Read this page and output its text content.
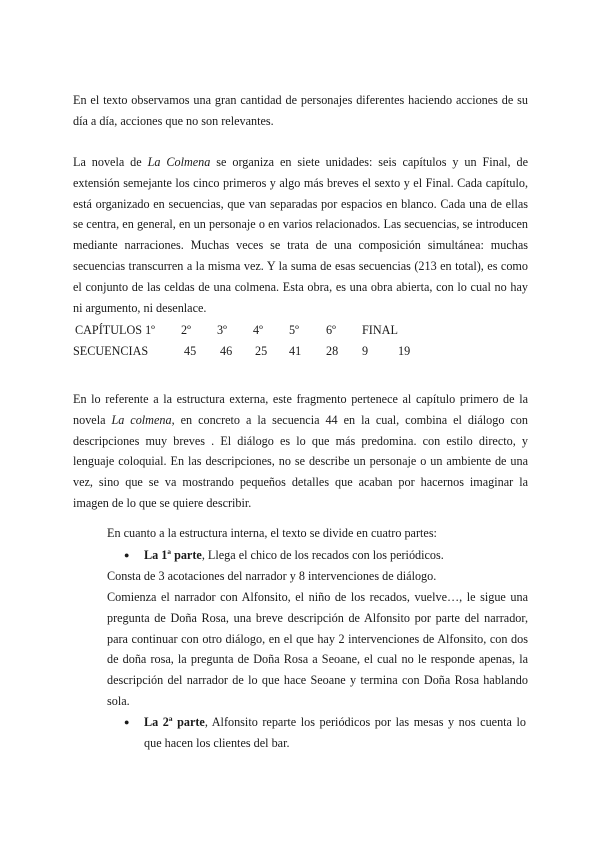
En el texto observamos una gran cantidad de personajes diferentes haciendo acciones de su día a día, acciones que no son relevantes.

La novela de La Colmena se organiza en siete unidades: seis capítulos y un Final, de extensión semejante los cinco primeros y algo más breves el sexto y el Final. Cada capítulo, está organizado en secuencias, que van separadas por espacios en blanco. Cada una de ellas se centra, en general, en un personaje o en varios relacionados. Las secuencias, se introducen mediante narraciones. Muchas veces se trata de una composición simultánea: muchas secuencias transcurren a la misma vez. Y la suma de esas secuencias (213 en total), es como el conjunto de las celdas de una colmena. Esta obra, es una obra abierta, con lo cual no hay ni argumento, ni desenlace.

CAPÍTULOS 1º 2º 3º 4º 5º 6º FINAL
SECUENCIAS	45 46 25 41 28 9 19

En lo referente a la estructura externa, este fragmento pertenece al capítulo primero de la novela La colmena, en concreto a la secuencia 44 en la cual, combina el diálogo con descripciones muy breves . El diálogo es lo que más predomina. con estilo directo, y lenguaje coloquial. En las descripciones, no se describe un personaje o un ambiente de una vez, sino que se va mostrando pequeños detalles que acaban por hacernos imaginar la imagen de lo que se quiere describir.

En cuanto a la estructura interna, el texto se divide en cuatro partes:

● La 1ª parte, Llega el chico de los recados con los periódicos.

Consta de 3 acotaciones del narrador y 8 intervenciones de diálogo.

Comienza el narrador con Alfonsito, el niño de los recados, vuelve…, le sigue una pregunta de Doña Rosa, una breve descripción de Alfonsito por parte del narrador, para continuar con otro diálogo, en el que hay 2 intervenciones de Alfonsito, con dos de doña rosa, la pregunta de Doña Rosa a Seoane, el cual no le responde apenas, la descripción del narrador de lo que hace Seoane y termina con Doña Rosa hablando sola.

● La 2ª parte, Alfonsito reparte los periódicos por las mesas y nos cuenta lo que hacen los clientes del bar.
